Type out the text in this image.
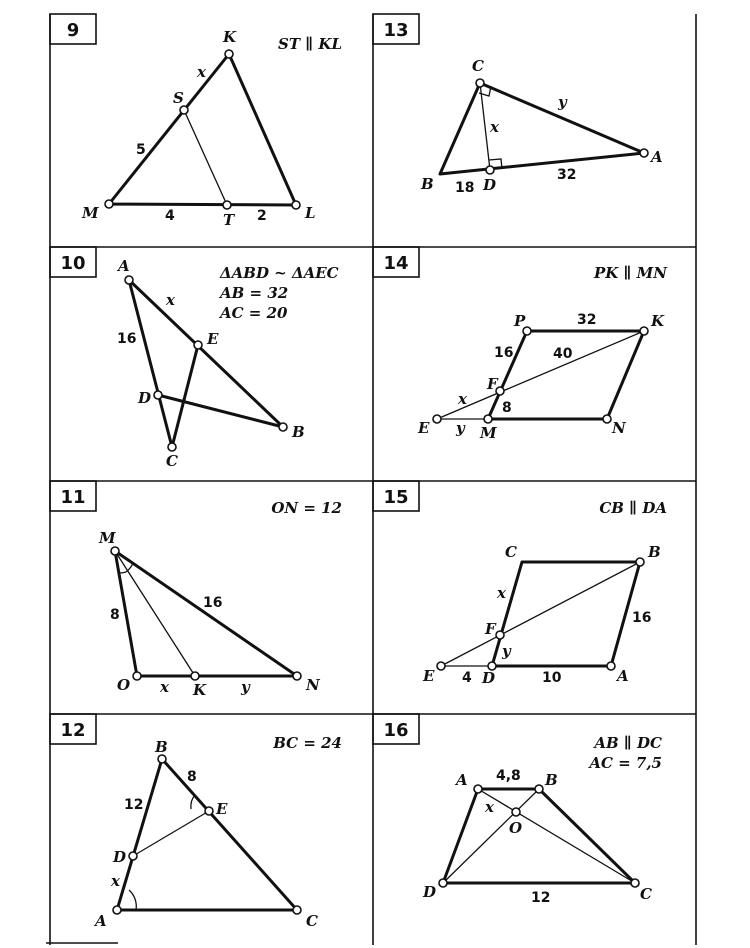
9
ST ∥ KL
K
S
M	T	L
x
5
4	2
13
C
B	D
A
y
x
18
32
10	ΔABD ~ ΔAEC
AB = 32
AC = 20
A
E
D
C
B
x
16
14	PK ∥ MN
P	K
F
E	M	N
32
16	40
x	8
y
11	ON = 12
M
O	K	N
8
16
x	y
15	CB ∥ DA
C	B
F
E	D	A
x
16
y
4	10
12
BC = 24
B
E
D
A	C
8
12
x
16
AB ∥ DC
AC = 7,5
A	B
O
D	C
4,8
x
12
